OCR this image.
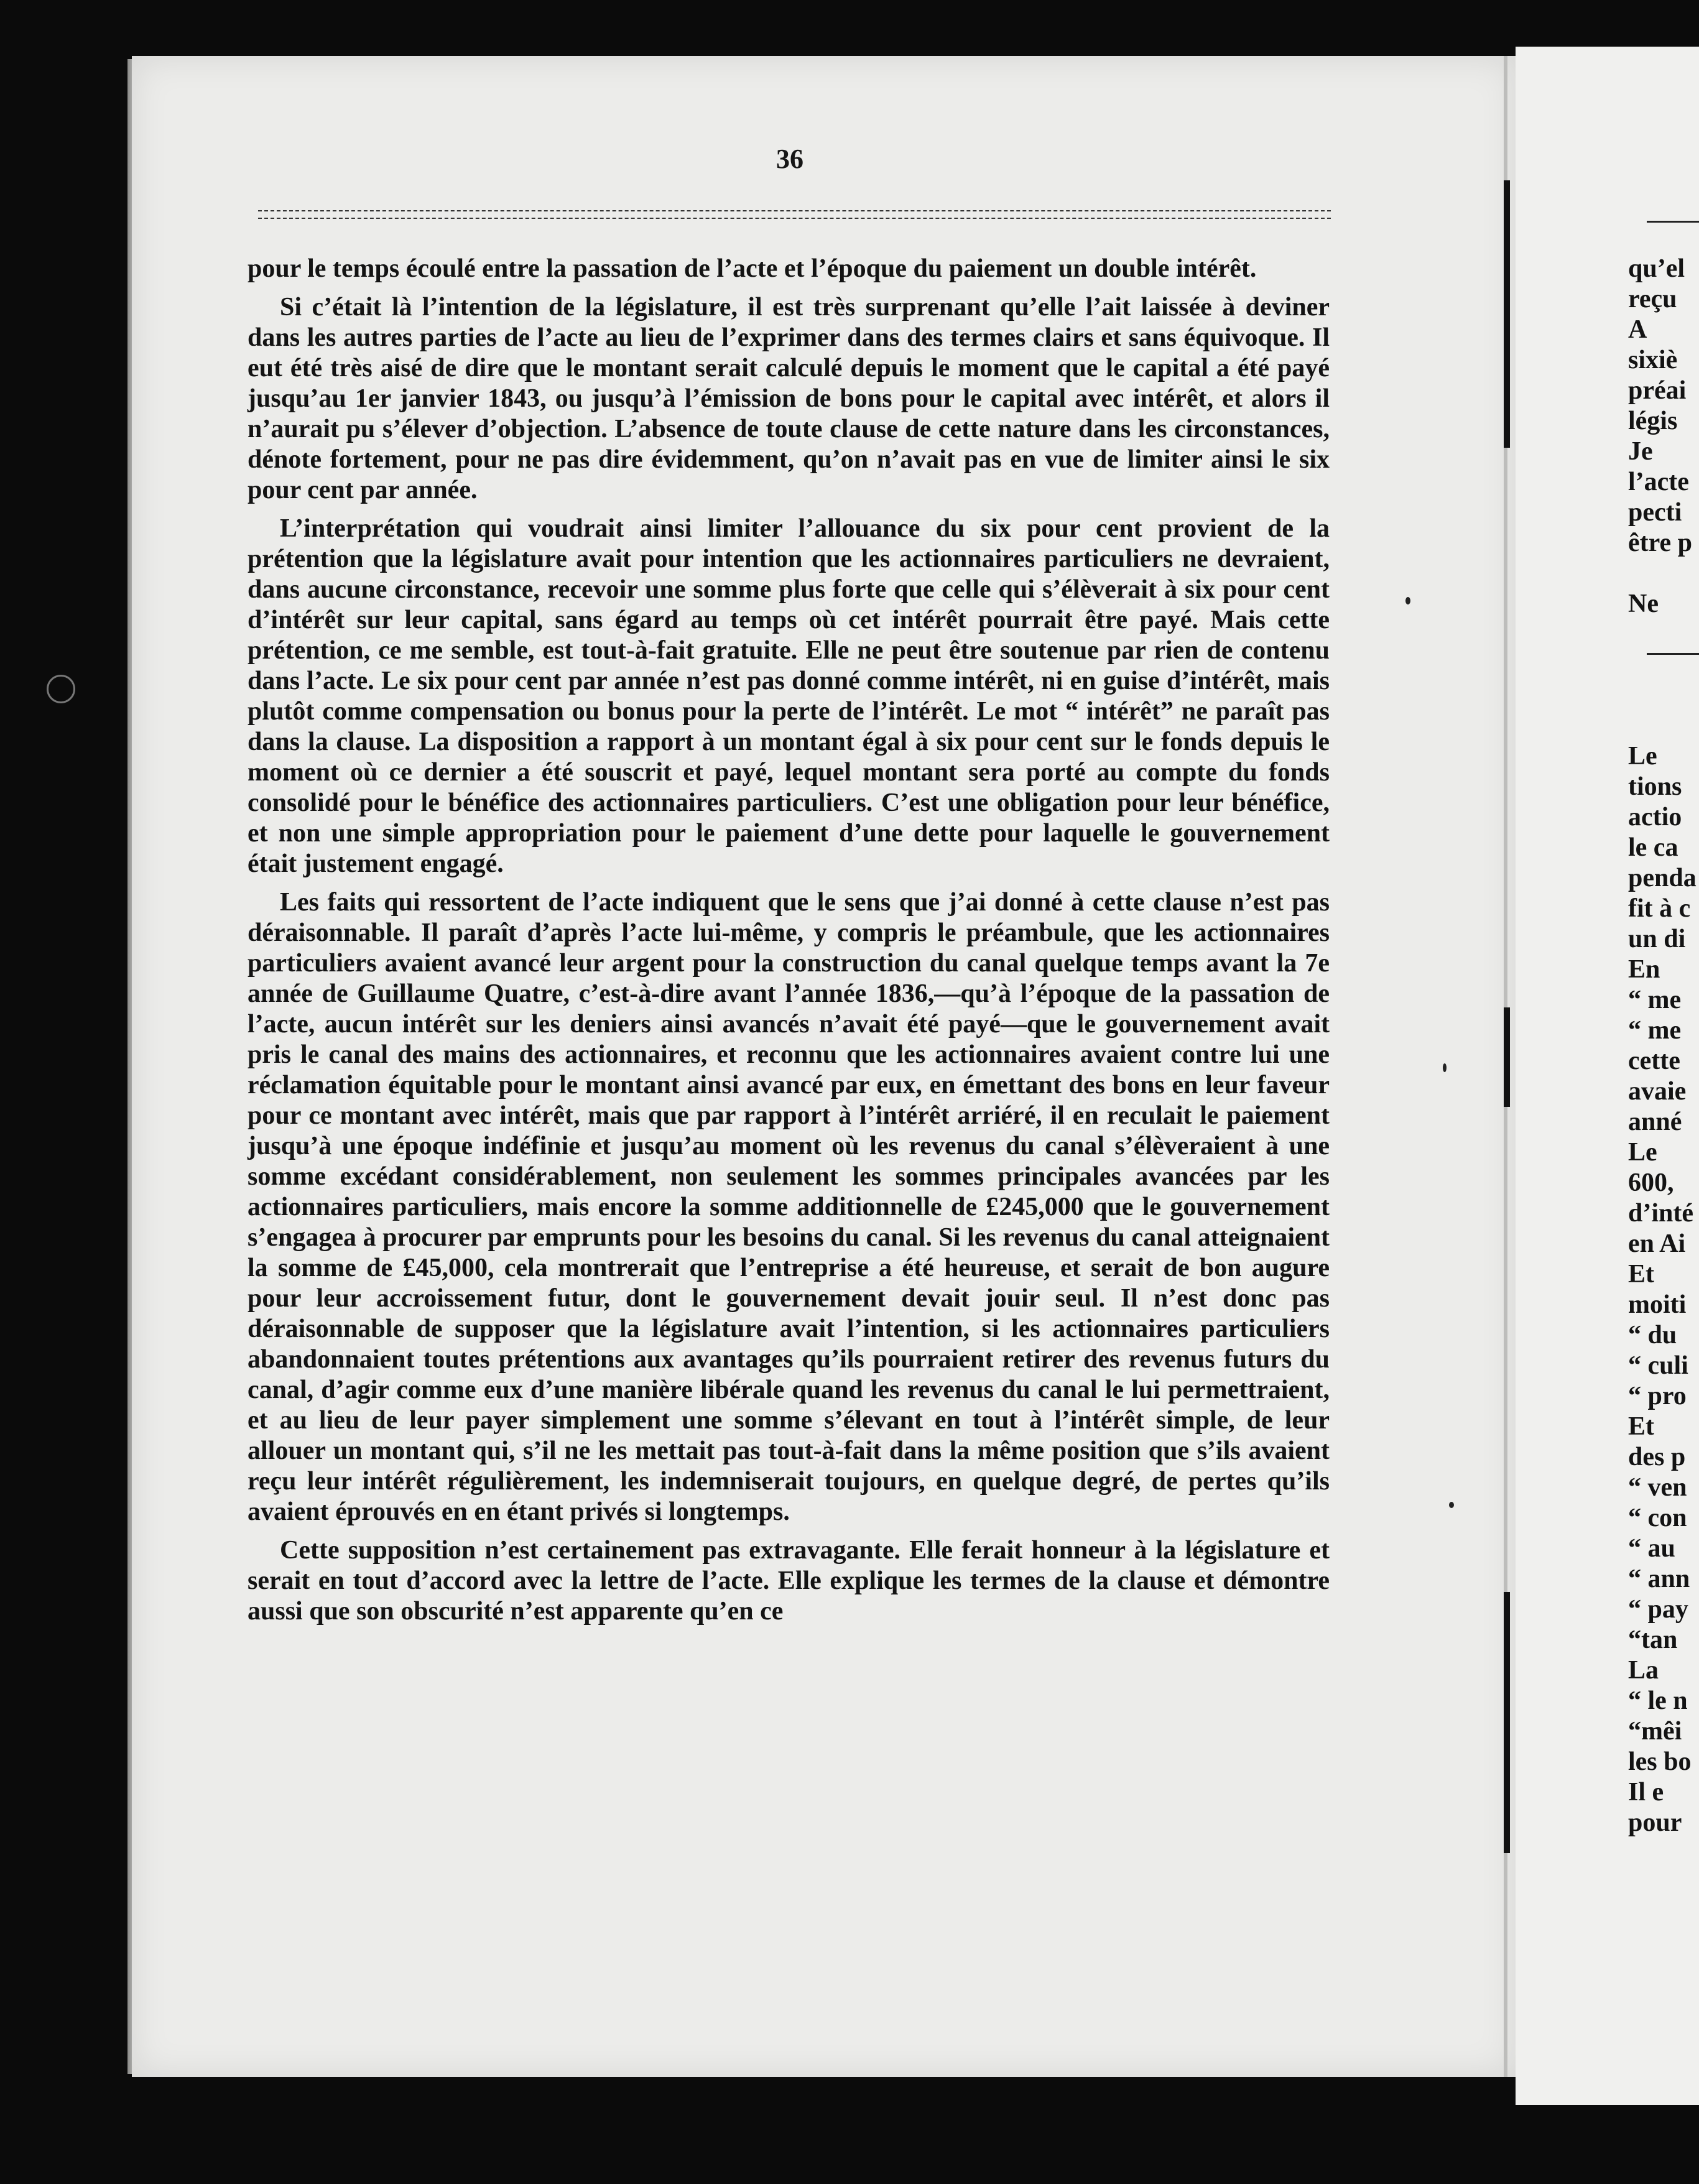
36

pour le temps écoulé entre la passation de l’acte et l’époque du paiement un double intérêt.

Si c’était là l’intention de la législature, il est très surprenant qu’elle l’ait laissée à deviner dans les autres parties de l’acte au lieu de l’exprimer dans des termes clairs et sans équivoque. Il eut été très aisé de dire que le montant serait calculé depuis le moment que le capital a été payé jusqu’au 1er janvier 1843, ou jusqu’à l’émission de bons pour le capital avec intérêt, et alors il n’aurait pu s’élever d’objection. L’absence de toute clause de cette nature dans les circonstances, dénote fortement, pour ne pas dire évidemment, qu’on n’avait pas en vue de limiter ainsi le six pour cent par année.

L’interprétation qui voudrait ainsi limiter l’allouance du six pour cent provient de la prétention que la législature avait pour intention que les actionnaires particuliers ne devraient, dans aucune circonstance, recevoir une somme plus forte que celle qui s’élèverait à six pour cent d’intérêt sur leur capital, sans égard au temps où cet intérêt pourrait être payé. Mais cette prétention, ce me semble, est tout-à-fait gratuite. Elle ne peut être soutenue par rien de contenu dans l’acte. Le six pour cent par année n’est pas donné comme intérêt, ni en guise d’intérêt, mais plutôt comme compensation ou bonus pour la perte de l’intérêt. Le mot “ intérêt” ne paraît pas dans la clause. La disposition a rapport à un montant égal à six pour cent sur le fonds depuis le moment où ce dernier a été souscrit et payé, lequel montant sera porté au compte du fonds consolidé pour le bénéfice des actionnaires particuliers. C’est une obligation pour leur bénéfice, et non une simple appropriation pour le paiement d’une dette pour laquelle le gouvernement était justement engagé.

Les faits qui ressortent de l’acte indiquent que le sens que j’ai donné à cette clause n’est pas déraisonnable. Il paraît d’après l’acte lui-même, y compris le préambule, que les actionnaires particuliers avaient avancé leur argent pour la construction du canal quelque temps avant la 7e année de Guillaume Quatre, c’est-à-dire avant l’année 1836,—qu’à l’époque de la passation de l’acte, aucun intérêt sur les deniers ainsi avancés n’avait été payé—que le gouvernement avait pris le canal des mains des actionnaires, et reconnu que les actionnaires avaient contre lui une réclamation équitable pour le montant ainsi avancé par eux, en émettant des bons en leur faveur pour ce montant avec intérêt, mais que par rapport à l’intérêt arriéré, il en reculait le paiement jusqu’à une époque indéfinie et jusqu’au moment où les revenus du canal s’élèveraient à une somme excédant considérablement, non seulement les sommes principales avancées par les actionnaires particuliers, mais encore la somme additionnelle de £245,000 que le gouvernement s’engagea à procurer par emprunts pour les besoins du canal. Si les revenus du canal atteignaient la somme de £45,000, cela montrerait que l’entreprise a été heureuse, et serait de bon augure pour leur accroissement futur, dont le gouvernement devait jouir seul. Il n’est donc pas déraisonnable de supposer que la législature avait l’intention, si les actionnaires particuliers abandonnaient toutes prétentions aux avantages qu’ils pourraient retirer des revenus futurs du canal, d’agir comme eux d’une manière libérale quand les revenus du canal le lui permettraient, et au lieu de leur payer simplement une somme s’élevant en tout à l’intérêt simple, de leur allouer un montant qui, s’il ne les mettait pas tout-à-fait dans la même position que s’ils avaient reçu leur intérêt régulièrement, les indemniserait toujours, en quelque degré, de pertes qu’ils avaient éprouvés en en étant privés si longtemps.

Cette supposition n’est certainement pas extravagante. Elle ferait honneur à la législature et serait en tout d’accord avec la lettre de l’acte. Elle explique les termes de la clause et démontre aussi que son obscurité n’est apparente qu’en ce

qu’el
reçu
A
sixiè
préai
légis
Je
l’acte
pecti
être p
Ne
Le
tions
actio
le ca
penda
fit à c
un di
En
“ me
“ me
cette
avaie
anné
Le
600,
d’inté
en Ai
Et
moiti
“ du
“ culi
“ pro
Et
des p
“ ven
“ con
“ au
“ ann
“ pay
“tan
La
“ le n
“mêi
les bo
Il e
pour
